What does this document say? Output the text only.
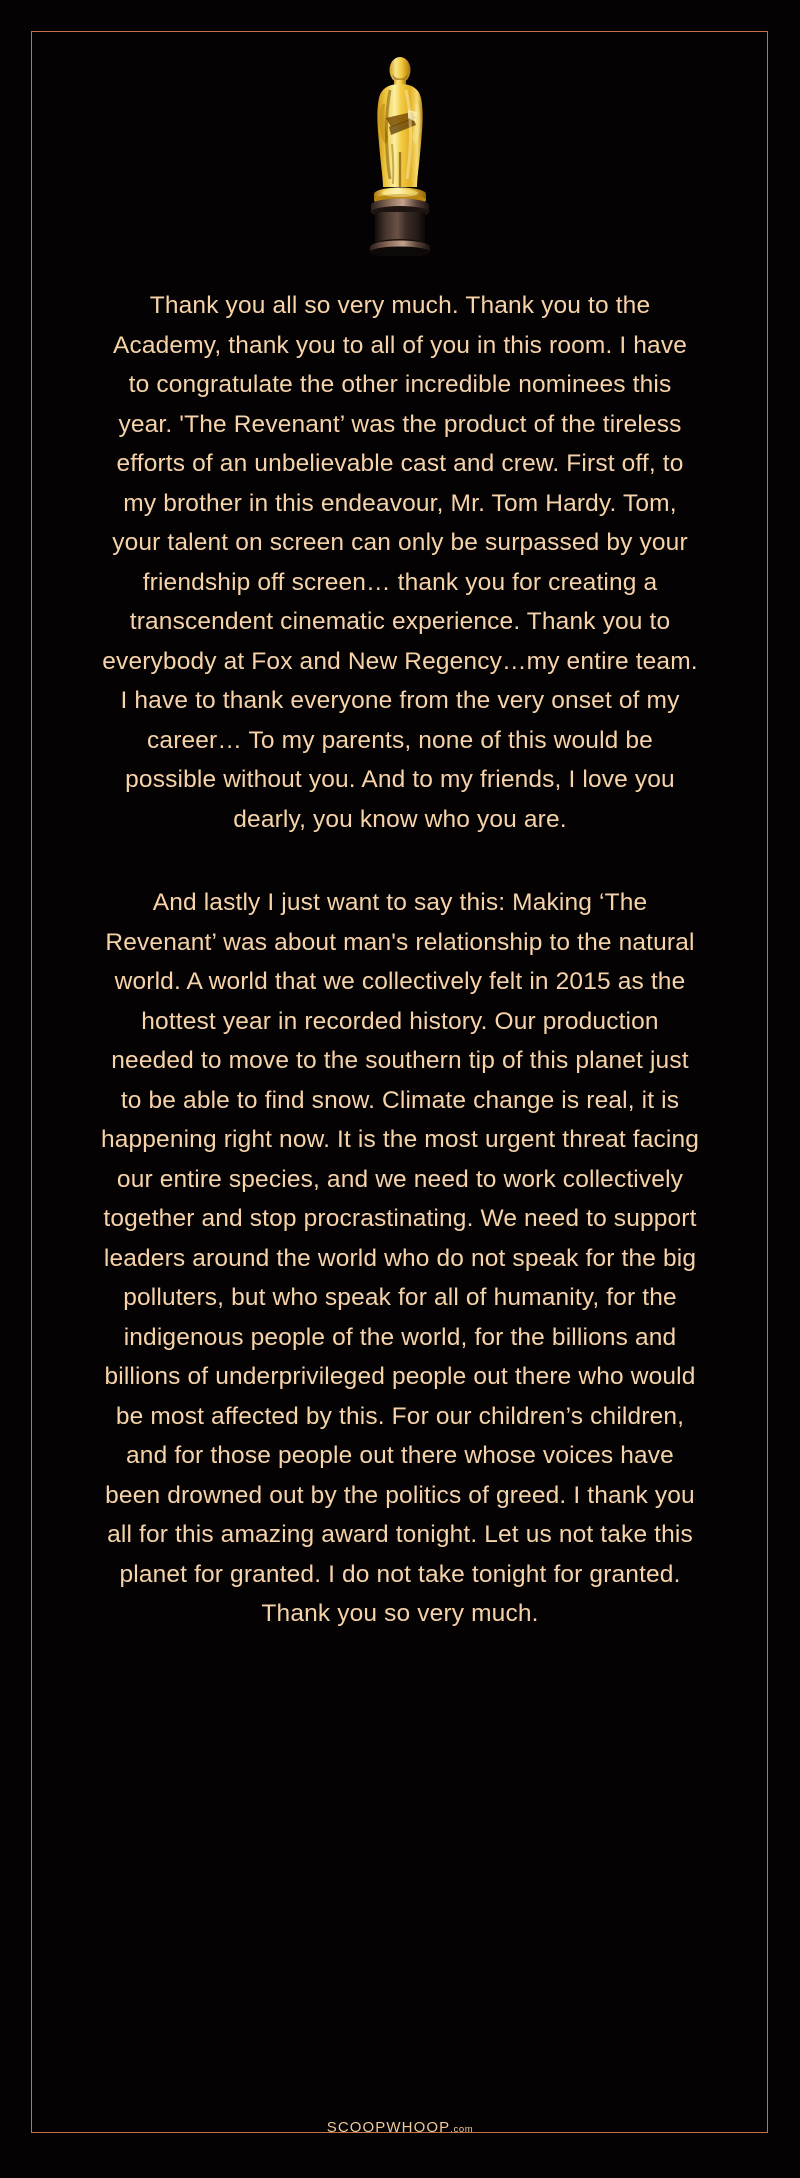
Thank you all so very much. Thank you to the Academy, thank you to all of you in this room. I have to congratulate the other incredible nominees this year. 'The Revenant’ was the product of the tireless efforts of an unbelievable cast and crew. First off, to my brother in this endeavour, Mr. Tom Hardy. Tom, your talent on screen can only be surpassed by your friendship off screen… thank you for creating a transcendent cinematic experience. Thank you to everybody at Fox and New Regency…my entire team. I have to thank everyone from the very onset of my career… To my parents, none of this would be possible without you. And to my friends, I love you dearly, you know who you are.

And lastly I just want to say this: Making ‘The Revenant’ was about man's relationship to the natural world. A world that we collectively felt in 2015 as the hottest year in recorded history. Our production needed to move to the southern tip of this planet just to be able to find snow. Climate change is real, it is happening right now. It is the most urgent threat facing our entire species, and we need to work collectively together and stop procrastinating. We need to support leaders around the world who do not speak for the big polluters, but who speak for all of humanity, for the indigenous people of the world, for the billions and billions of underprivileged people out there who would be most affected by this. For our children’s children, and for those people out there whose voices have been drowned out by the politics of greed. I thank you all for this amazing award tonight. Let us not take this planet for granted. I do not take tonight for granted. Thank you so very much.

SCOOPWHOOP.com
